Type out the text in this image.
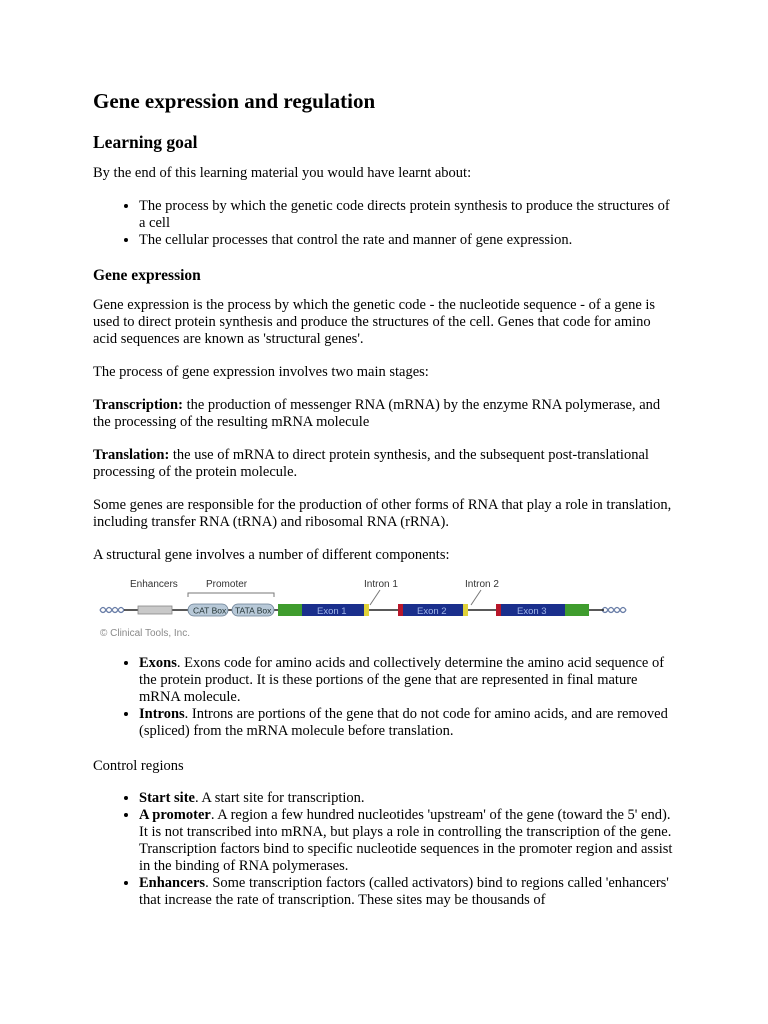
Gene expression and regulation
Learning goal

By the end of this learning material you would have learnt about:

• The process by which the genetic code directs protein synthesis to produce the structures of a cell
• The cellular processes that control the rate and manner of gene expression.
Gene expression

Gene expression is the process by which the genetic code - the nucleotide sequence - of a gene is used to direct protein synthesis and produce the structures of the cell. Genes that code for amino acid sequences are known as 'structural genes'.

The process of gene expression involves two main stages:

Transcription: the production of messenger RNA (mRNA) by the enzyme RNA polymerase, and the processing of the resulting mRNA molecule

Translation: the use of mRNA to direct protein synthesis, and the subsequent post-translational processing of the protein molecule.

Some genes are responsible for the production of other forms of RNA that play a role in translation, including transfer RNA (tRNA) and ribosomal RNA (rRNA).

A structural gene involves a number of different components:

Enhancers	Promoter	Intron 1	Intron 2
CAT Box TATA Box	Exon 1	Exon 2	Exon 3
© Clinical Tools, Inc.
• Exons. Exons code for amino acids and collectively determine the amino acid sequence of the protein product. It is these portions of the gene that are represented in final mature mRNA molecule.
• Introns. Introns are portions of the gene that do not code for amino acids, and are removed (spliced) from the mRNA molecule before translation.

Control regions

• Start site. A start site for transcription.
• A promoter. A region a few hundred nucleotides 'upstream' of the gene (toward the 5' end). It is not transcribed into mRNA, but plays a role in controlling the transcription of the gene. Transcription factors bind to specific nucleotide sequences in the promoter region and assist in the binding of RNA polymerases.
• Enhancers. Some transcription factors (called activators) bind to regions called 'enhancers' that increase the rate of transcription. These sites may be thousands of
